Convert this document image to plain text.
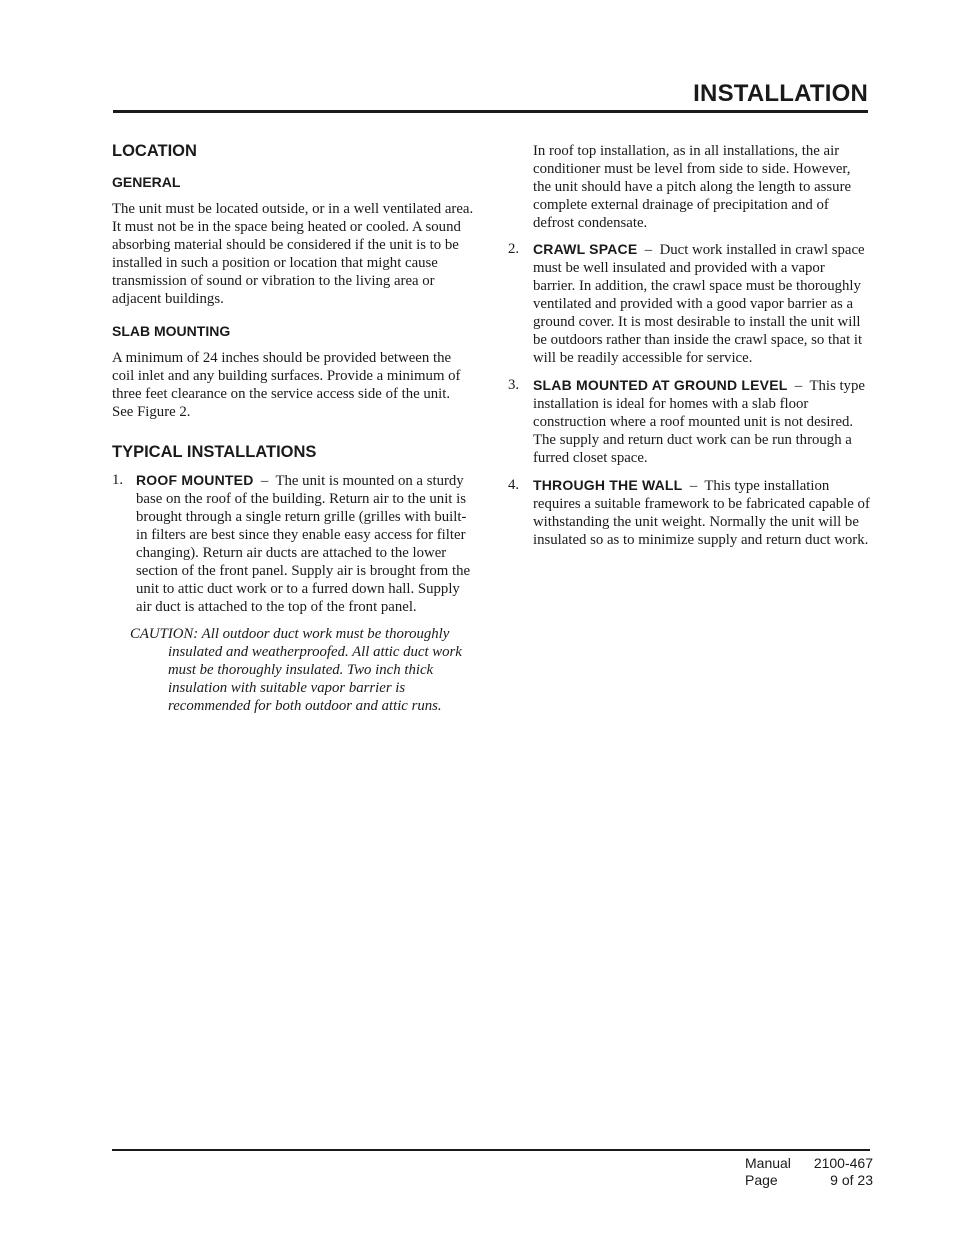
INSTALLATION
LOCATION
GENERAL

The unit must be located outside, or in a well ventilated area. It must not be in the space being heated or cooled. A sound absorbing material should be considered if the unit is to be installed in such a position or location that might cause transmission of sound or vibration to the living area or adjacent buildings.

SLAB MOUNTING

A minimum of 24 inches should be provided between the coil inlet and any building surfaces. Provide a minimum of three feet clearance on the service access side of the unit. See Figure 2.

TYPICAL INSTALLATIONS
1. ROOF MOUNTED – The unit is mounted on a sturdy base on the roof of the building. Return air to the unit is brought through a single return grille (grilles with built-in filters are best since they enable easy access for filter changing). Return air ducts are attached to the lower section of the front panel. Supply air is brought from the unit to attic duct work or to a furred down hall. Supply air duct is attached to the top of the front panel.

CAUTION: All outdoor duct work must be thoroughly insulated and weatherproofed. All attic duct work must be thoroughly insulated. Two inch thick insulation with suitable vapor barrier is recommended for both outdoor and attic runs.

In roof top installation, as in all installations, the air conditioner must be level from side to side. However, the unit should have a pitch along the length to assure complete external drainage of precipitation and of defrost condensate.

2. CRAWL SPACE – Duct work installed in crawl space must be well insulated and provided with a vapor barrier. In addition, the crawl space must be thoroughly ventilated and provided with a good vapor barrier as a ground cover. It is most desirable to install the unit will be outdoors rather than inside the crawl space, so that it will be readily accessible for service.

3. SLAB MOUNTED AT GROUND LEVEL – This type installation is ideal for homes with a slab floor construction where a roof mounted unit is not desired. The supply and return duct work can be run through a furred closet space.

4. THROUGH THE WALL – This type installation requires a suitable framework to be fabricated capable of withstanding the unit weight. Normally the unit will be insulated so as to minimize supply and return duct work.

Manual	2100-467
Page	9 of 23
